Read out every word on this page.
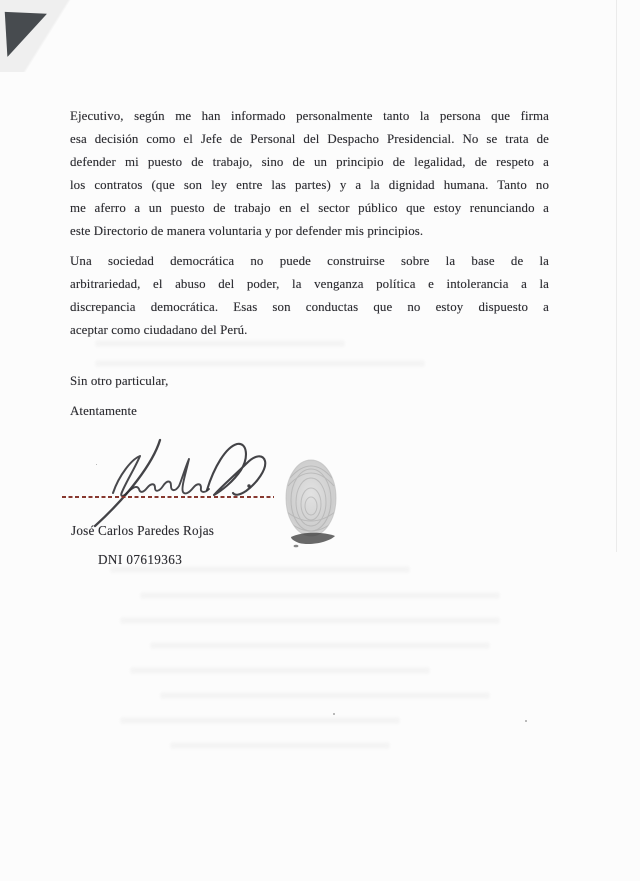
Ejecutivo, según me han informado personalmente tanto la persona que firma
esa decisión como el Jefe de Personal del Despacho Presidencial. No se trata de
defender mi puesto de trabajo, sino de un principio de legalidad, de respeto a
los contratos (que son ley entre las partes) y a la dignidad humana. Tanto no
me aferro a un puesto de trabajo en el sector público que estoy renunciando a
este Directorio de manera voluntaria y por defender mis principios.
Una sociedad democrática no puede construirse sobre la base de la
arbitrariedad, el abuso del poder, la venganza política e intolerancia a la
discrepancia democrática. Esas son conductas que no estoy dispuesto a
aceptar como ciudadano del Perú.
Sin otro particular,
Atentamente
José Carlos Paredes Rojas
DNI 07619363
